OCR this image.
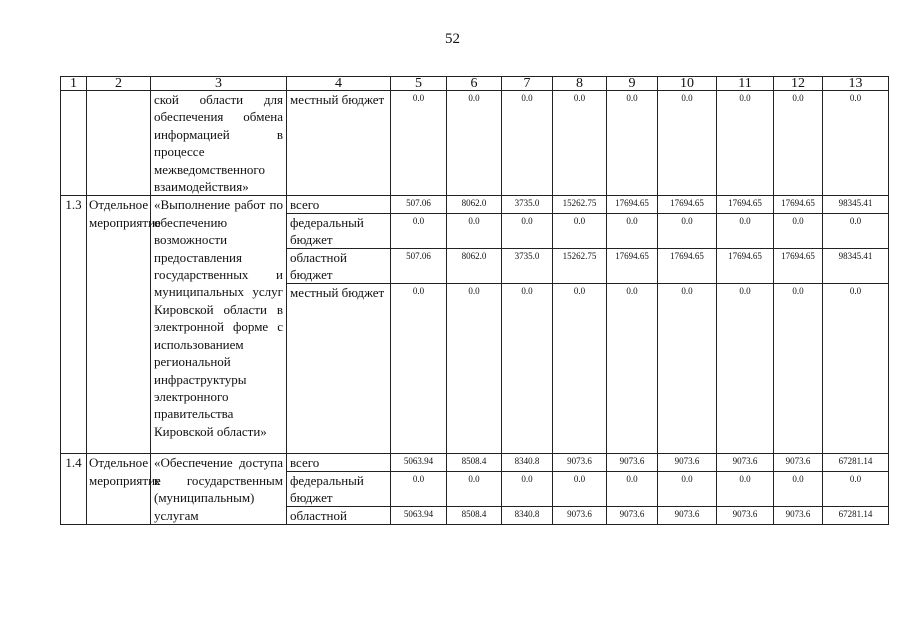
52
1	2	3	4	5	6	7	8	9	10	11	12	13
		ской области для обеспечения обмена информацией в процессе межведомственного взаимодействия»	местный бюджет	0.0	0.0	0.0	0.0	0.0	0.0	0.0	0.0	0.0
1.3	Отдельное мероприятие	«Выполнение работ по обеспечению возможности предоставления государственных и муниципальных услуг Кировской области в электронной форме с использованием региональной инфраструктуры электронного правительства Кировской области»	всего	507.06	8062.0	3735.0	15262.75	17694.65	17694.65	17694.65	17694.65	98345.41
			федеральный бюджет	0.0	0.0	0.0	0.0	0.0	0.0	0.0	0.0	0.0
			областной бюджет	507.06	8062.0	3735.0	15262.75	17694.65	17694.65	17694.65	17694.65	98345.41
			местный бюджет	0.0	0.0	0.0	0.0	0.0	0.0	0.0	0.0	0.0
1.4	Отдельное мероприятие	«Обеспечение доступа к государственным (муниципальным) услугам	всего	5063.94	8508.4	8340.8	9073.6	9073.6	9073.6	9073.6	9073.6	67281.14
			федеральный бюджет	0.0	0.0	0.0	0.0	0.0	0.0	0.0	0.0	0.0
			областной	5063.94	8508.4	8340.8	9073.6	9073.6	9073.6	9073.6	9073.6	67281.14
